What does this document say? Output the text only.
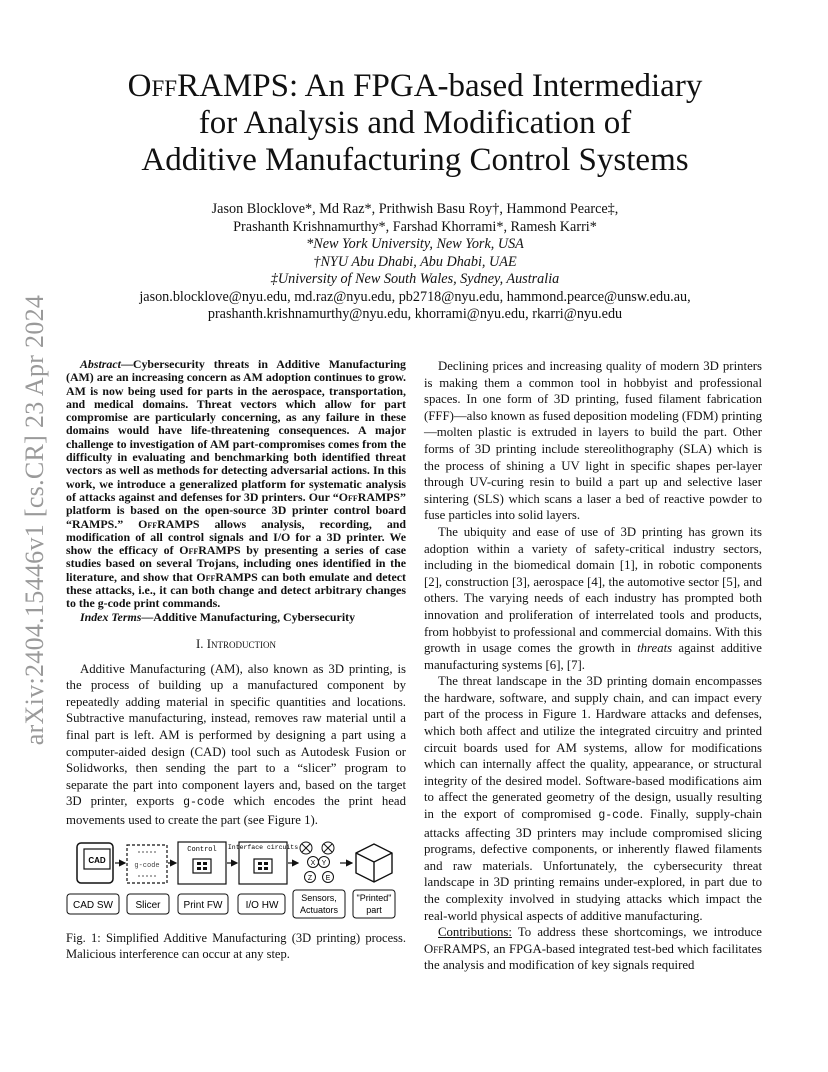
arXiv:2404.15446v1 [cs.CR] 23 Apr 2024
OffRAMPS: An FPGA-based Intermediary
for Analysis and Modification of
Additive Manufacturing Control Systems
Jason Blocklove*, Md Raz*, Prithwish Basu Roy†, Hammond Pearce‡,
Prashanth Krishnamurthy*, Farshad Khorrami*, Ramesh Karri*
*New York University, New York, USA
†NYU Abu Dhabi, Abu Dhabi, UAE
‡University of New South Wales, Sydney, Australia
jason.blocklove@nyu.edu, md.raz@nyu.edu, pb2718@nyu.edu, hammond.pearce@unsw.edu.au,
prashanth.krishnamurthy@nyu.edu, khorrami@nyu.edu, rkarri@nyu.edu

Abstract—Cybersecurity threats in Additive Manufacturing (AM) are an increasing concern as AM adoption continues to grow. AM is now being used for parts in the aerospace, transportation, and medical domains. Threat vectors which allow for part compromise are particularly concerning, as any failure in these domains would have life-threatening consequences. A major challenge to investigation of AM part-compromises comes from the difficulty in evaluating and benchmarking both identified threat vectors as well as methods for detecting adversarial actions. In this work, we introduce a generalized platform for systematic analysis of attacks against and defenses for 3D printers. Our “OffRAMPS” platform is based on the open-source 3D printer control board “RAMPS.” OffRAMPS allows analysis, recording, and modification of all control signals and I/O for a 3D printer. We show the efficacy of OffRAMPS by presenting a series of case studies based on several Trojans, including ones identified in the literature, and show that OffRAMPS can both emulate and detect these attacks, i.e., it can both change and detect arbitrary changes to the g-code print commands.

Index Terms—Additive Manufacturing, Cybersecurity

I. Introduction

Additive Manufacturing (AM), also known as 3D printing, is the process of building up a manufactured component by repeatedly adding material in specific quantities and locations. Subtractive manufacturing, instead, removes raw material until a final part is left. AM is performed by designing a part using a computer-aided design (CAD) tool such as Autodesk Fusion or Solidworks, then sending the part to a “slicer” program to separate the part into component layers and, based on the target 3D printer, exports g-code which encodes the print head movements used to create the part (see Figure 1).

CAD
g-code
Control Interface circuits
X Y
Z E
CAD SW Slicer Print FW I/O HW
Sensors,
Actuators
"Printed"
part

Fig. 1: Simplified Additive Manufacturing (3D printing) process. Malicious interference can occur at any step.

Declining prices and increasing quality of modern 3D printers is making them a common tool in hobbyist and professional spaces. In one form of 3D printing, fused filament fabrication (FFF)—also known as fused deposition modeling (FDM) printing—molten plastic is extruded in layers to build the part. Other forms of 3D printing include stereolithography (SLA) which is the process of shining a UV light in specific shapes per-layer through UV-curing resin to build a part up and selective laser sintering (SLS) which scans a laser a bed of reactive powder to fuse particles into solid layers.

The ubiquity and ease of use of 3D printing has grown its adoption within a variety of safety-critical industry sectors, including in the biomedical domain [1], in robotic components [2], construction [3], aerospace [4], the automotive sector [5], and others. The varying needs of each industry has prompted both innovation and proliferation of interrelated tools and products, from hobbyist to professional and commercial domains. With this growth in usage comes the growth in threats against additive manufacturing systems [6], [7].

The threat landscape in the 3D printing domain encompasses the hardware, software, and supply chain, and can impact every part of the process in Figure 1. Hardware attacks and defenses, which both affect and utilize the integrated circuitry and printed circuit boards used for AM systems, allow for modifications which can internally affect the quality, appearance, or structural integrity of the desired model. Software-based modifications aim to affect the generated geometry of the design, usually resulting in the export of compromised g-code. Finally, supply-chain attacks affecting 3D printers may include compromised slicing programs, defective components, or inherently flawed filaments and raw materials. Unfortunately, the cybersecurity threat landscape in 3D printing remains under-explored, in part due to the complexity involved in studying attacks which impact the real-world physical aspects of additive manufacturing.

Contributions: To address these shortcomings, we introduce OffRAMPS, an FPGA-based integrated test-bed which facilitates the analysis and modification of key signals required
